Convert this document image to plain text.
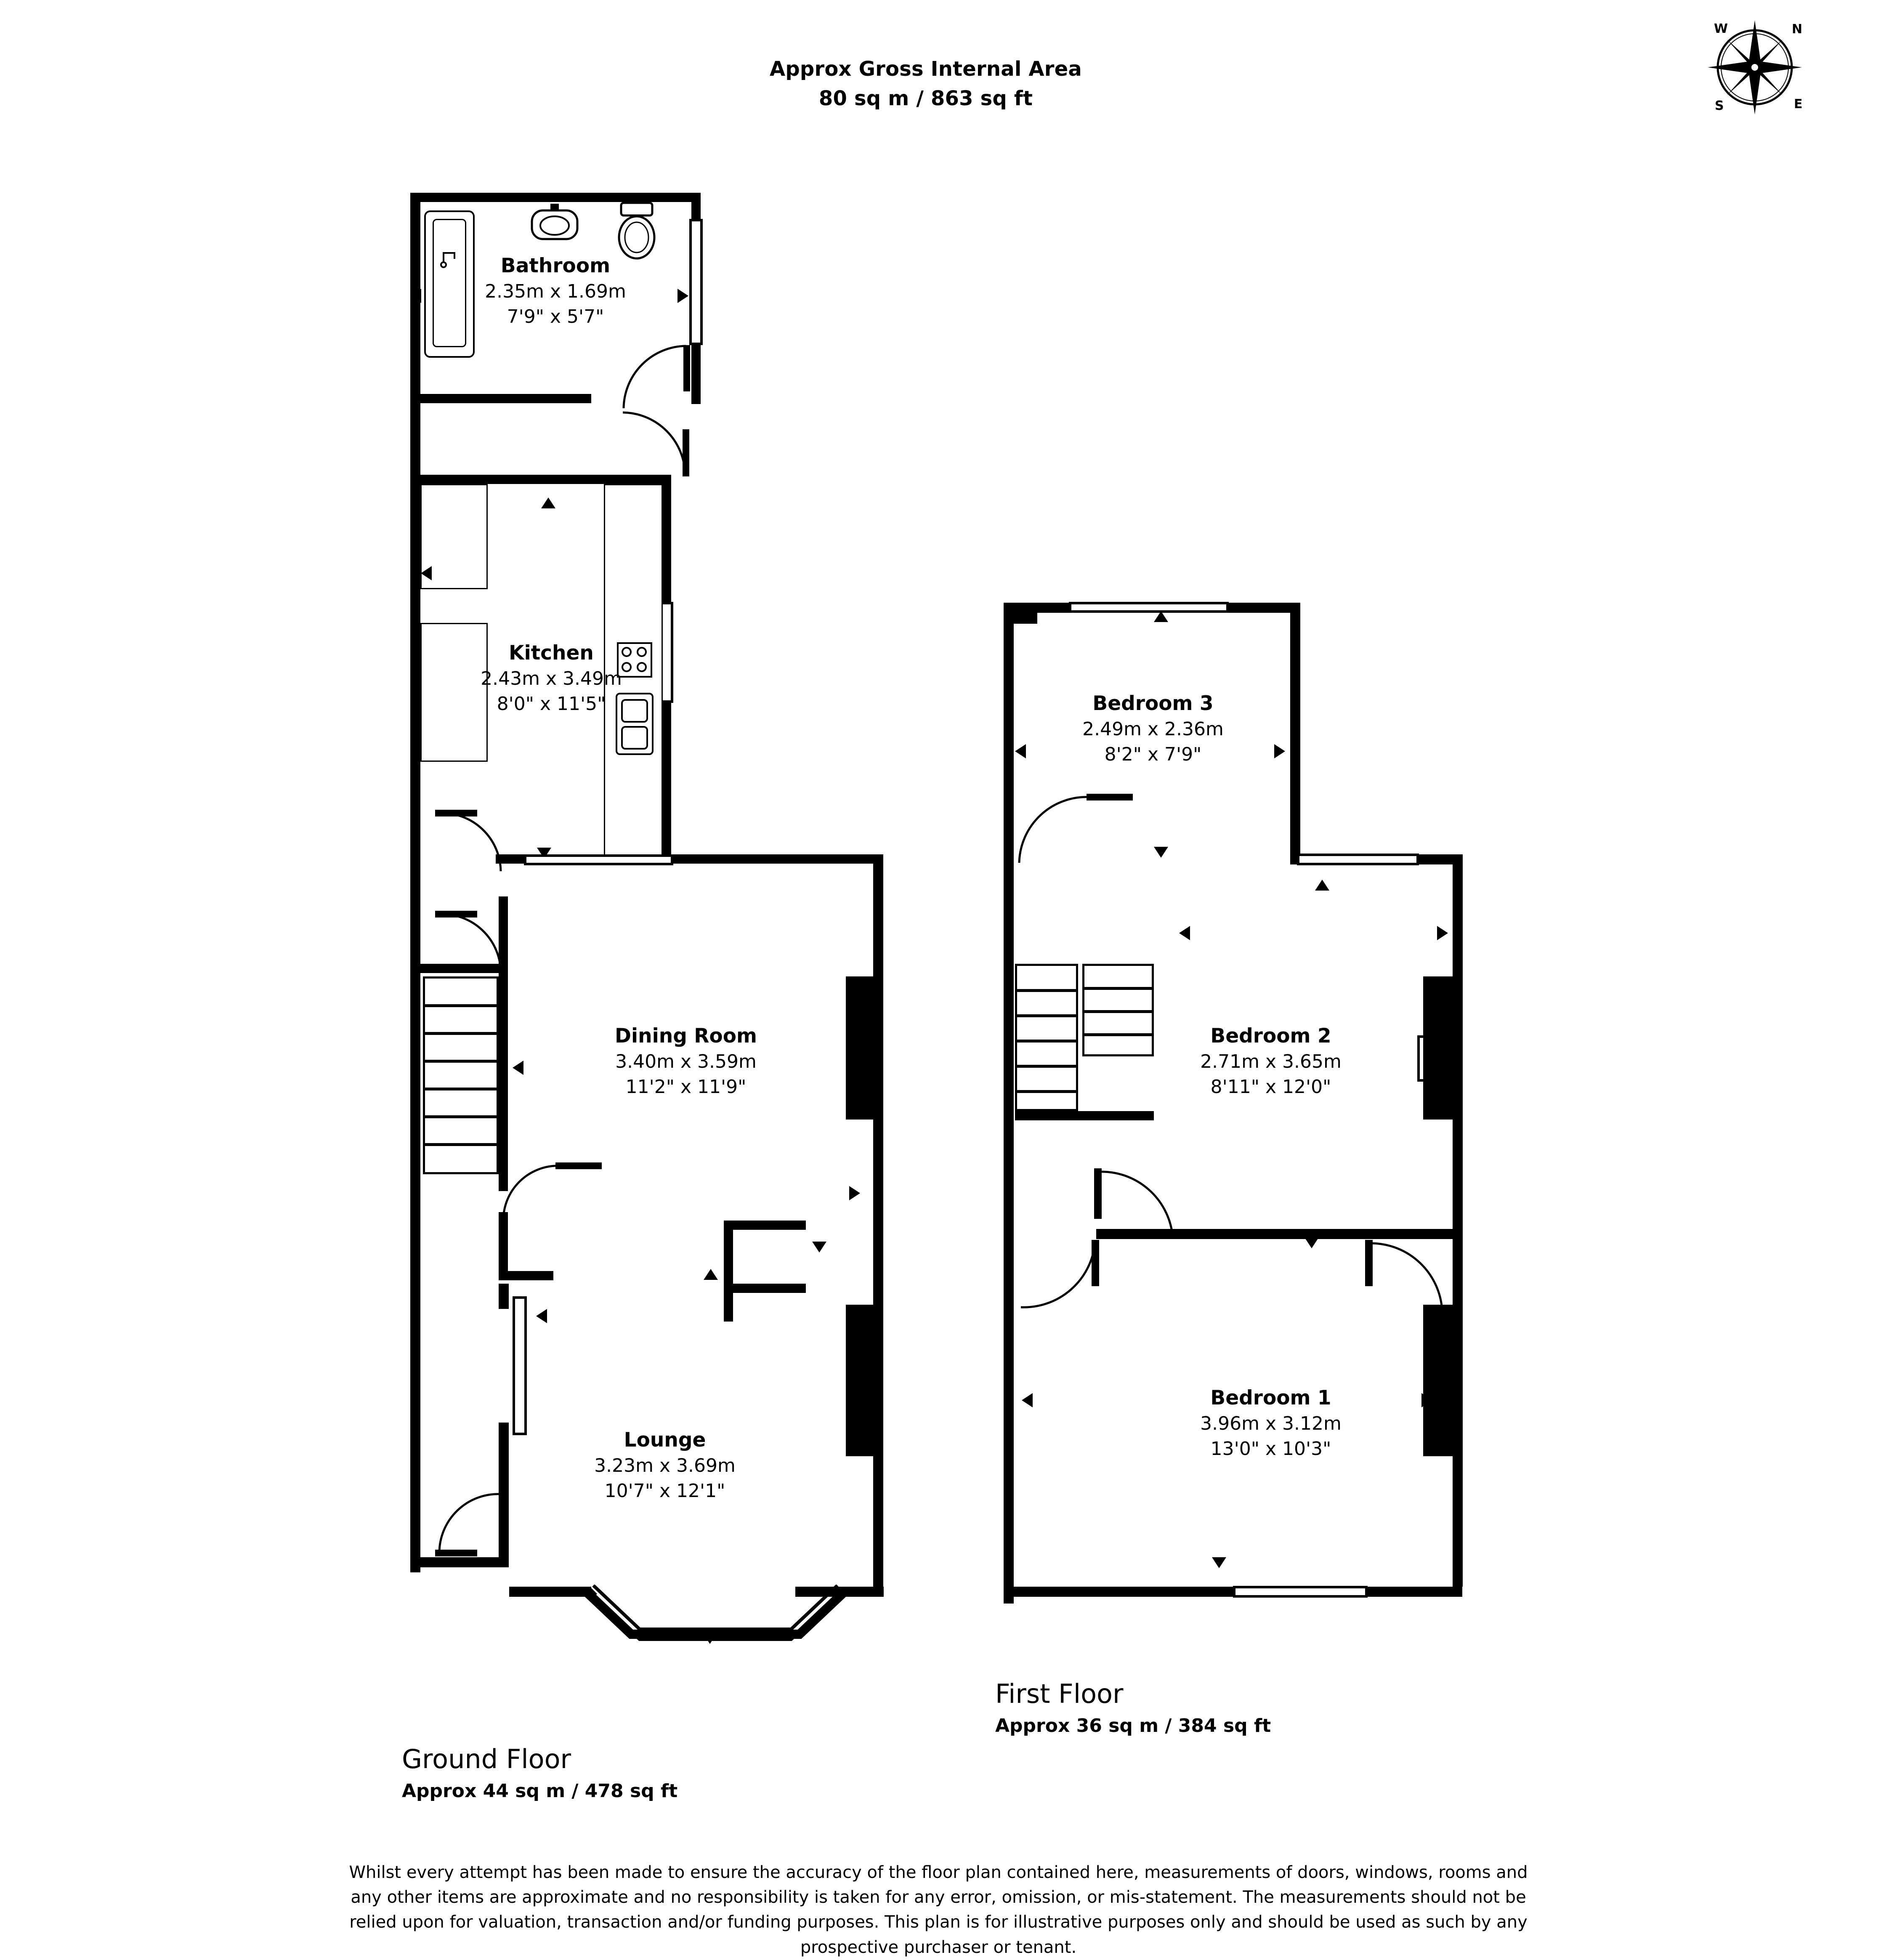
Approx Gross Internal Area
80 sq m / 863 sq ft
N
E
S
W
Bathroom
2.35m x 1.69m
7'9" x 5'7"
Kitchen
2.43m x 3.49m
8'0" x 11'5"
Dining Room
3.40m x 3.59m
11'2" x 11'9"
Lounge
3.23m x 3.69m
10'7" x 12'1"
Ground Floor
Approx 44 sq m / 478 sq ft
Bedroom 3
2.49m x 2.36m
8'2" x 7'9"
Bedroom 2
2.71m x 3.65m
8'11" x 12'0"
Bedroom 1
3.96m x 3.12m
13'0" x 10'3"
First Floor
Approx 36 sq m / 384 sq ft
Whilst every attempt has been made to ensure the accuracy of the floor plan contained here, measurements of doors, windows, rooms and
any other items are approximate and no responsibility is taken for any error, omission, or mis-statement. The measurements should not be
relied upon for valuation, transaction and/or funding purposes. This plan is for illustrative purposes only and should be used as such by any
prospective purchaser or tenant.
